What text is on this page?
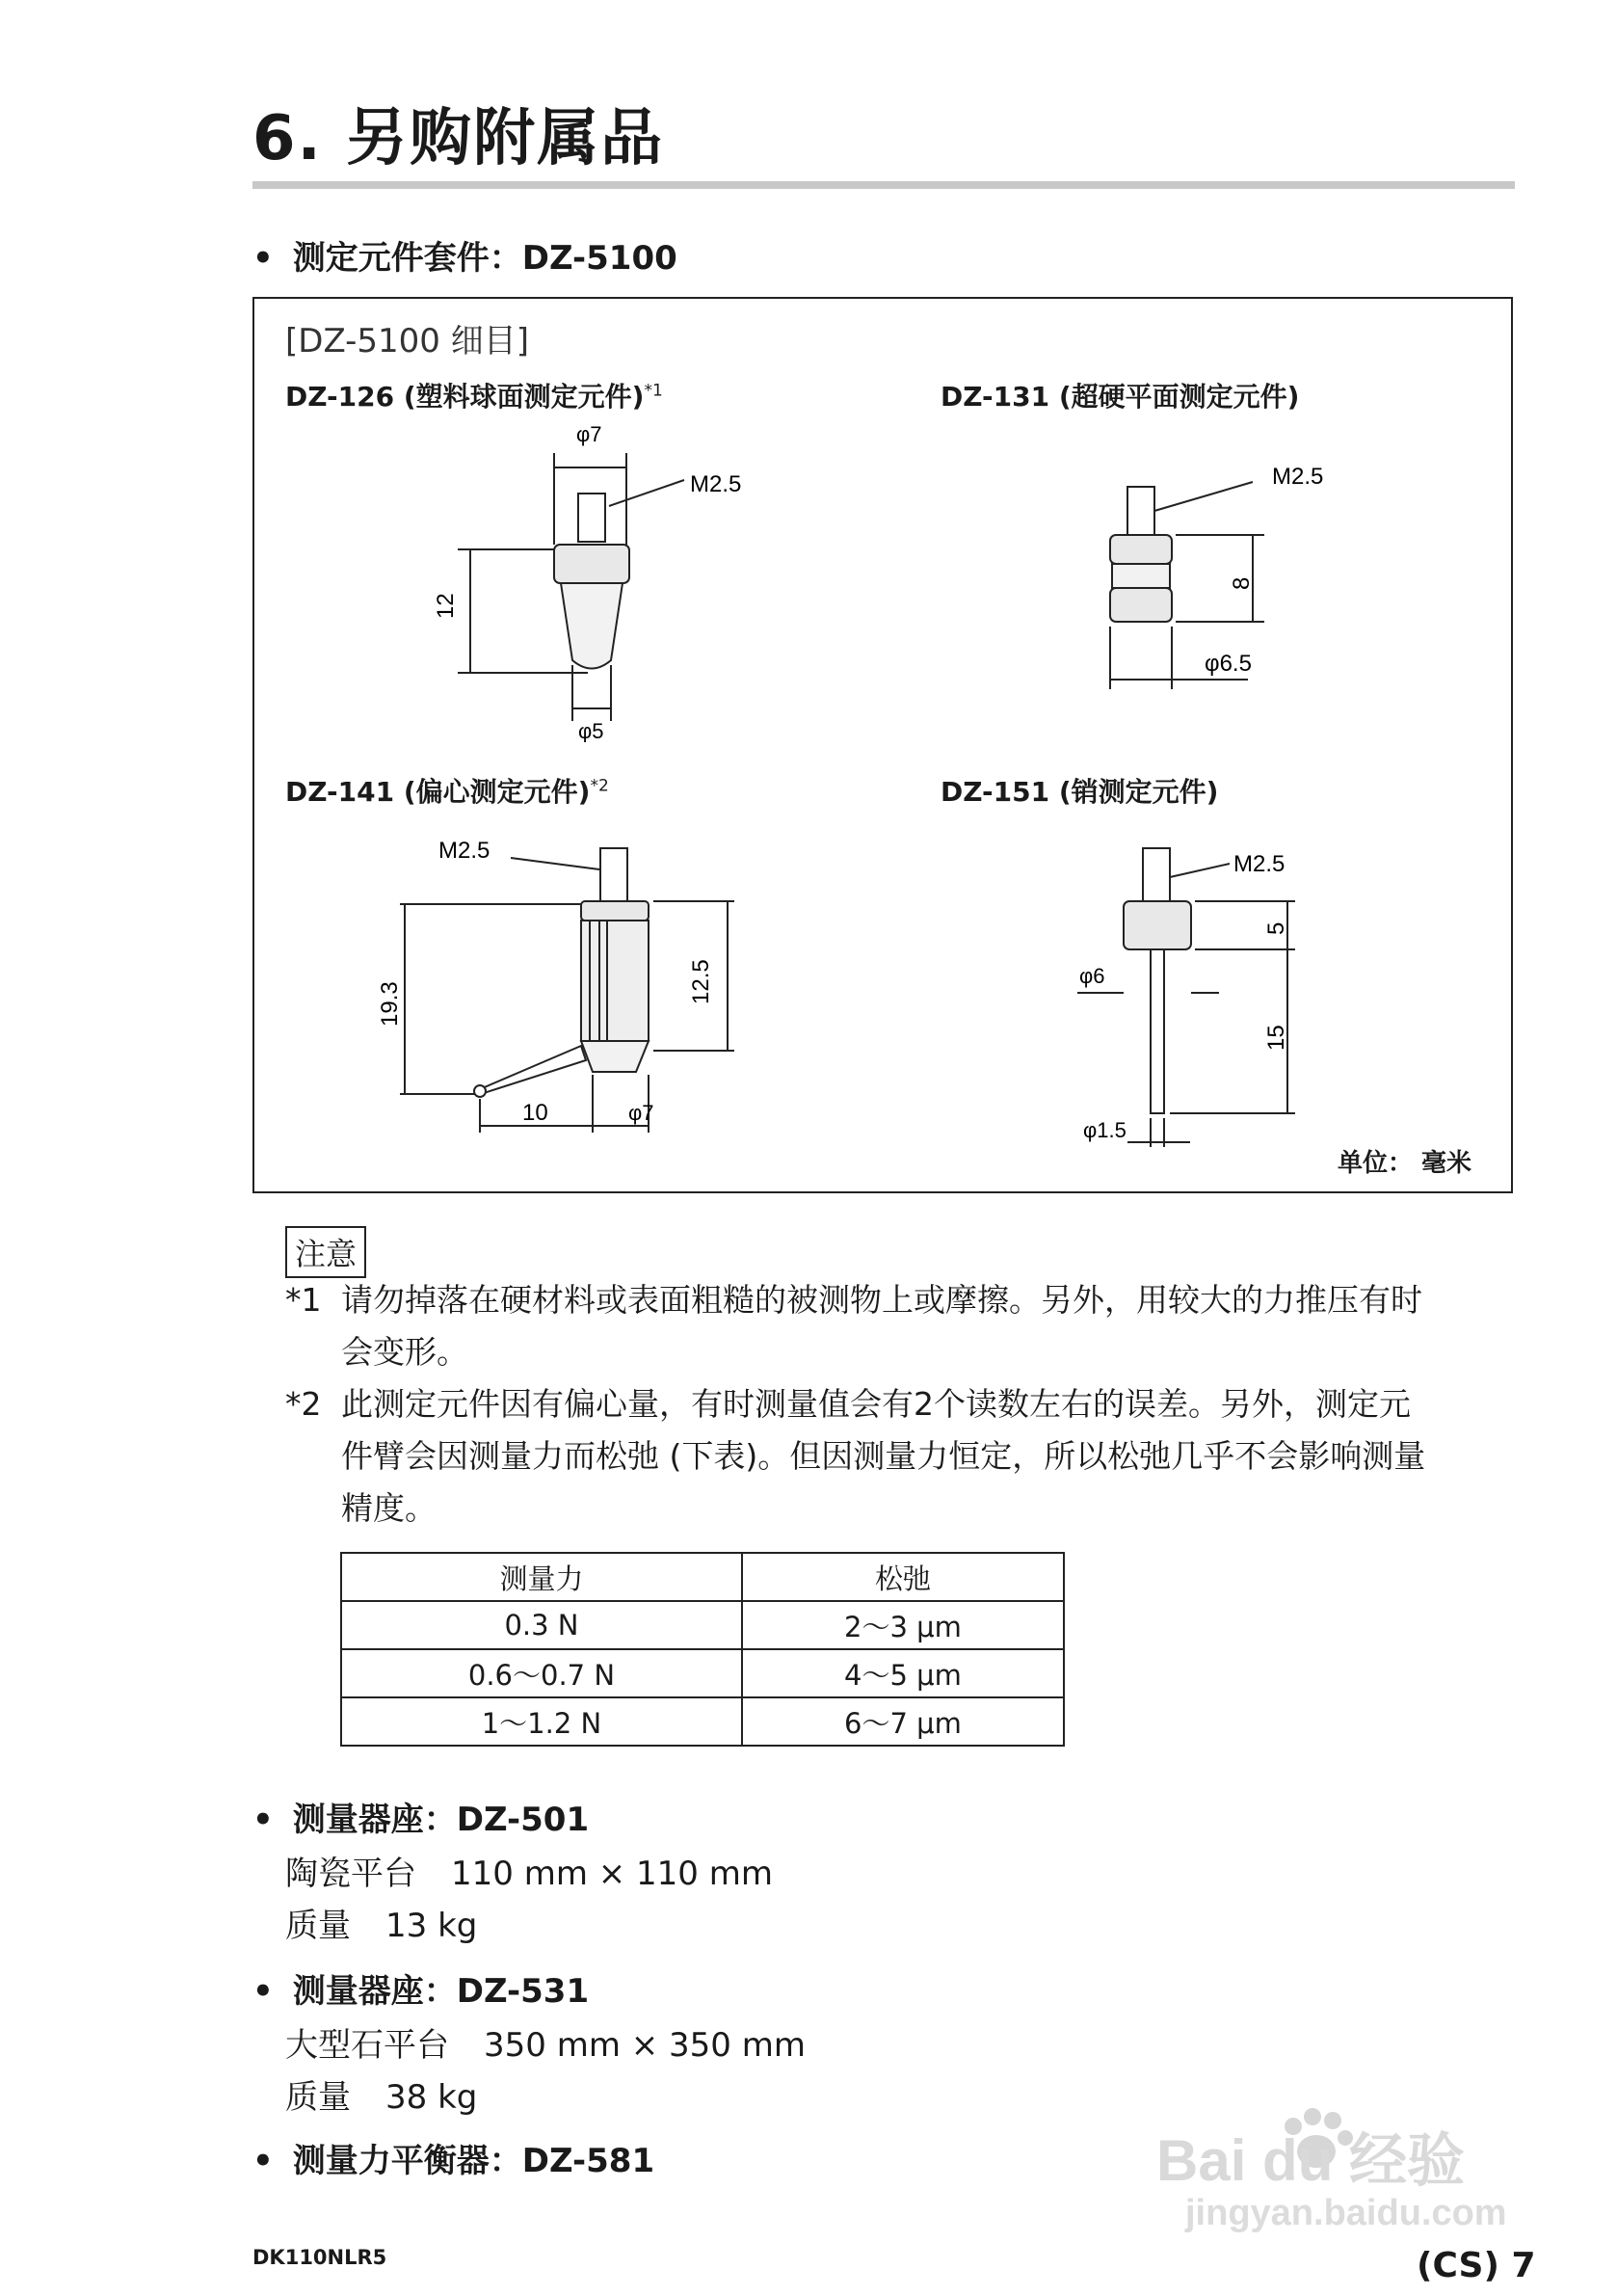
6. 另购附属品
• 测定元件套件：DZ-5100
[DZ-5100 细目]
DZ-126 (塑料球面测定元件)$^{*1}$	DZ-131 (超硬平面测定元件)
DZ-141 (偏心测定元件)$^{*2}$	DZ-151 (销测定元件)
φ7
M2.5
12
φ5
M2.5
8
φ6.5
M2.5
19.3	12.5
10	φ7
M2.5
5
φ6
15
φ1.5
单位： 毫米
注意
*1 请勿掉落在硬材料或表面粗糙的被测物上或摩擦。另外，用较大的力推压有时
会变形。
*2 此测定元件因有偏心量，有时测量值会有2个读数左右的误差。另外，测定元
件臂会因测量力而松弛 (下表)。但因测量力恒定，所以松弛几乎不会影响测量
精度。
测量力	松弛
0.3 N	2～3 μm
0.6～0.7 N	4～5 μm
1～1.2 N	6～7 μm
• 测量器座：DZ-501
陶瓷平台 110 mm × 110 mm
质量 13 kg
• 测量器座：DZ-531
大型石平台 350 mm × 350 mm
质量 38 kg
• 测量力平衡器：DZ-581	Bai du 经验
jingyan.baidu.com
DK110NLR5	(CS) 7
